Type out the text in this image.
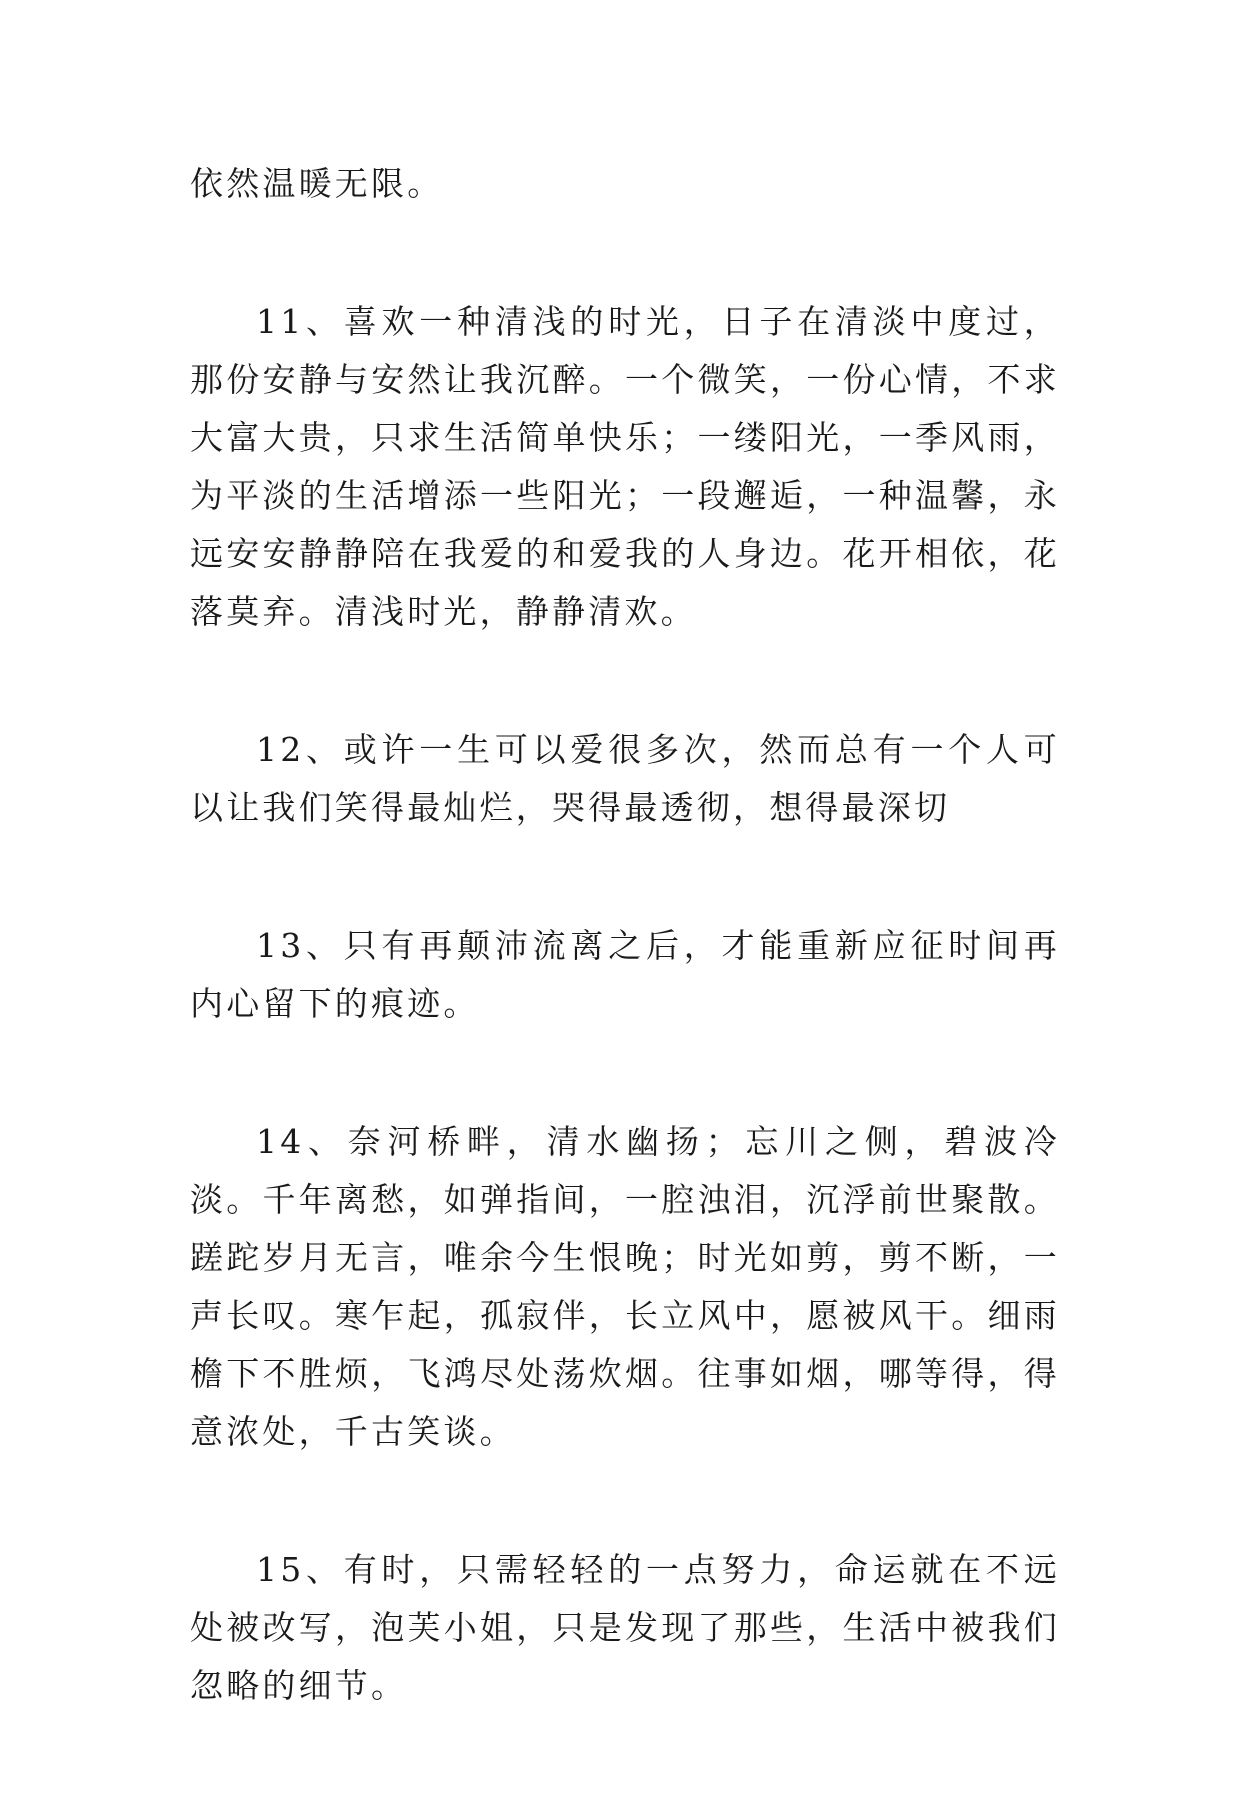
依然温暖无限。

11、喜欢一种清浅的时光，日子在清淡中度过，那份安静与安然让我沉醉。一个微笑，一份心情，不求大富大贵，只求生活简单快乐；一缕阳光，一季风雨，为平淡的生活增添一些阳光；一段邂逅，一种温馨，永远安安静静陪在我爱的和爱我的人身边。花开相依，花落莫弃。清浅时光，静静清欢。

12、或许一生可以爱很多次，然而总有一个人可以让我们笑得最灿烂，哭得最透彻，想得最深切

13、只有再颠沛流离之后，才能重新应征时间再内心留下的痕迹。

14、奈河桥畔，清水幽扬；忘川之侧，碧波冷淡。千年离愁，如弹指间，一腔浊泪，沉浮前世聚散。蹉跎岁月无言，唯余今生恨晚；时光如剪，剪不断，一声长叹。寒乍起，孤寂伴，长立风中，愿被风干。细雨檐下不胜烦，飞鸿尽处荡炊烟。往事如烟，哪等得，得意浓处，千古笑谈。

15、有时，只需轻轻的一点努力，命运就在不远处被改写，泡芙小姐，只是发现了那些，生活中被我们忽略的细节。
